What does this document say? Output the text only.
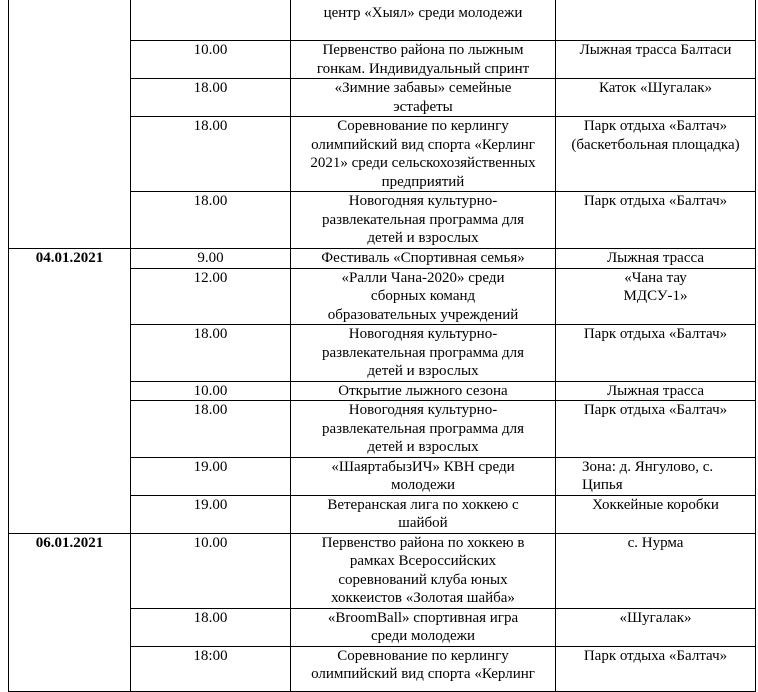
		центр «Хыял» среди молодежи	

	10.00	Первенство района по лыжным гонкам. Индивидуальный спринт	Лыжная трасса Балтаси
	18.00	«Зимние забавы» семейные эстафеты	Каток «Шугалак»
	18.00	Соревнование по керлингу олимпийский вид спорта «Керлинг 2021» среди сельскохозяйственных предприятий	Парк отдыха «Балтач» (баскетбольная площадка)
	18.00	Новогодняя культурно-развлекательная программа для детей и взрослых	Парк отдыха «Балтач»
04.01.2021	9.00	Фестиваль «Спортивная семья»	Лыжная трасса
	12.00	«Ралли Чана-2020» среди сборных команд образовательных учреждений	«Чана тау МДСУ-1»

	18.00	Новогодняя культурно-развлекательная программа для детей и взрослых	Парк отдыха «Балтач»
	10.00	Открытие лыжного сезона	Лыжная трасса
	18.00	Новогодняя культурно-развлекательная программа для детей и взрослых	Парк отдыха «Балтач»
	19.00	«ШаяртабызИЧ» КВН среди молодежи	Зона: д. Янгулово, с. Ципья

	19.00	Ветеранская лига по хоккею с шайбой	Хоккейные коробки
06.01.2021	10.00	Первенство района по хоккею в рамках Всероссийских соревнований клуба юных хоккеистов «Золотая шайба»	с. Нурма
	18.00	«BroomBall» спортивная игра среди молодежи	«Шугалак»
	18:00	Соревнование по керлингу олимпийский вид спорта «Керлинг	Парк отдыха «Балтач»
